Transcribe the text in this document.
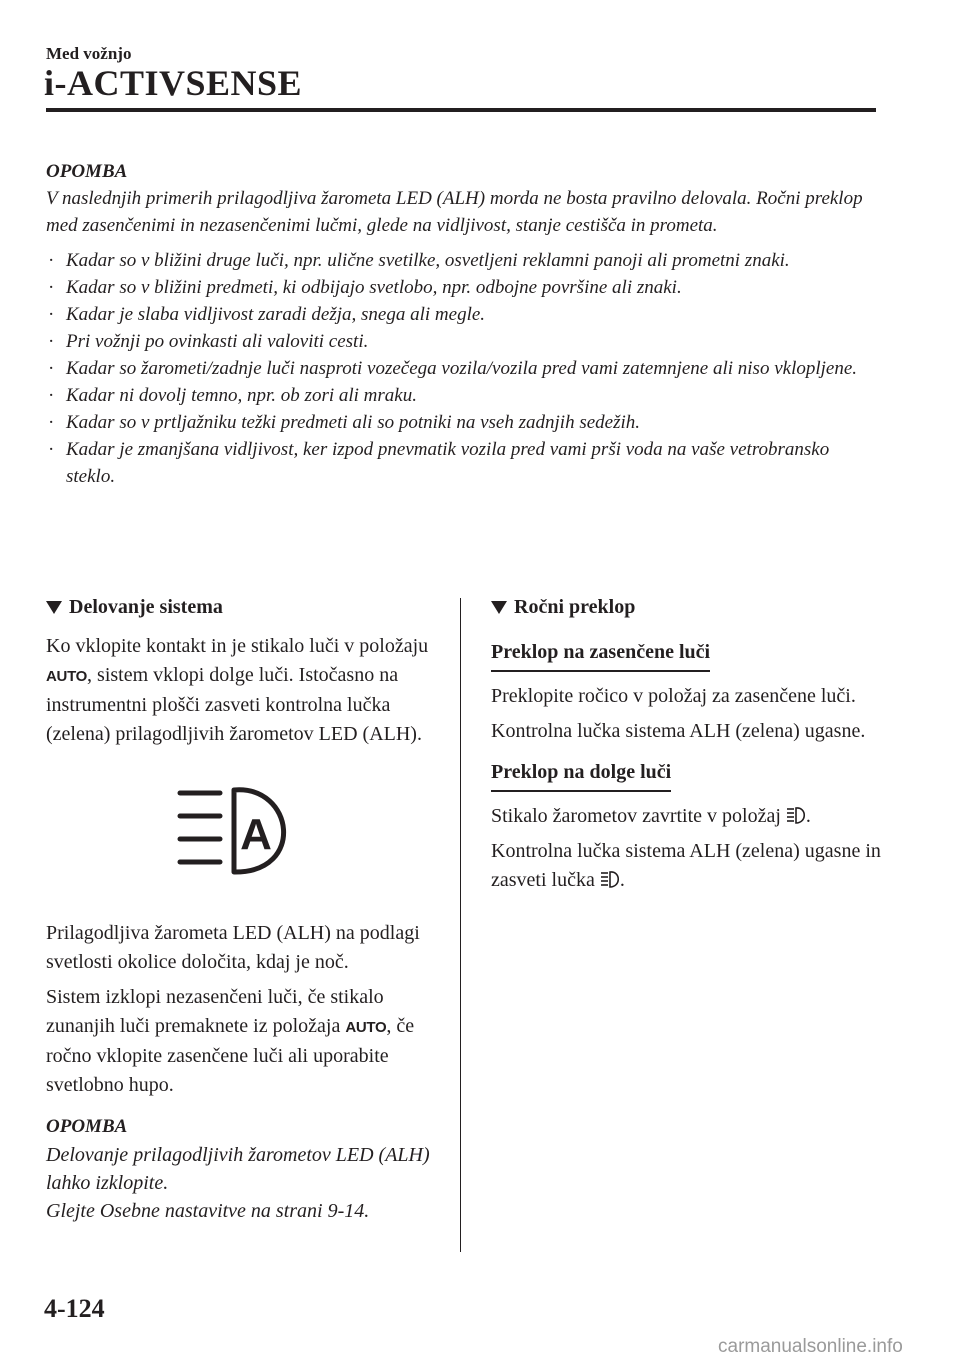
Med vožnjo
i-ACTIVSENSE
OPOMBA
V naslednjih primerih prilagodljiva žarometa LED (ALH) morda ne bosta pravilno delovala. Ročni preklop med zasenčenimi in nezasenčenimi lučmi, glede na vidljivost, stanje cestišča in prometa.
· Kadar so v bližini druge luči, npr. ulične svetilke, osvetljeni reklamni panoji ali prometni znaki.
· Kadar so v bližini predmeti, ki odbijajo svetlobo, npr. odbojne površine ali znaki.
· Kadar je slaba vidljivost zaradi dežja, snega ali megle.
· Pri vožnji po ovinkasti ali valoviti cesti.
· Kadar so žarometi/zadnje luči nasproti vozečega vozila/vozila pred vami zatemnjene ali niso vklopljene.
· Kadar ni dovolj temno, npr. ob zori ali mraku.
· Kadar so v prtljažniku težki predmeti ali so potniki na vseh zadnjih sedežih.
· Kadar je zmanjšana vidljivost, ker izpod pnevmatik vozila pred vami prši voda na vaše vetrobransko steklo.
Delovanje sistema

Ko vklopite kontakt in je stikalo luči v položaju AUTO, sistem vklopi dolge luči. Istočasno na instrumentni plošči zasveti kontrolna lučka (zelena) prilagodljivih žarometov LED (ALH).

A

Prilagodljiva žarometa LED (ALH) na podlagi svetlosti okolice določita, kdaj je noč.

Sistem izklopi nezasenčeni luči, če stikalo zunanjih luči premaknete iz položaja AUTO, če ročno vklopite zasenčene luči ali uporabite svetlobno hupo.

OPOMBA
Delovanje prilagodljivih žarometov LED (ALH) lahko izklopite.
Glejte Osebne nastavitve na strani 9-14.
Ročni preklop
Preklop na zasenčene luči

Preklopite ročico v položaj za zasenčene luči.

Kontrolna lučka sistema ALH (zelena) ugasne.

Preklop na dolge luči

Stikalo žarometov zavrtite v položaj .

Kontrolna lučka sistema ALH (zelena) ugasne in zasveti lučka .

4-124
carmanualsonline.info
